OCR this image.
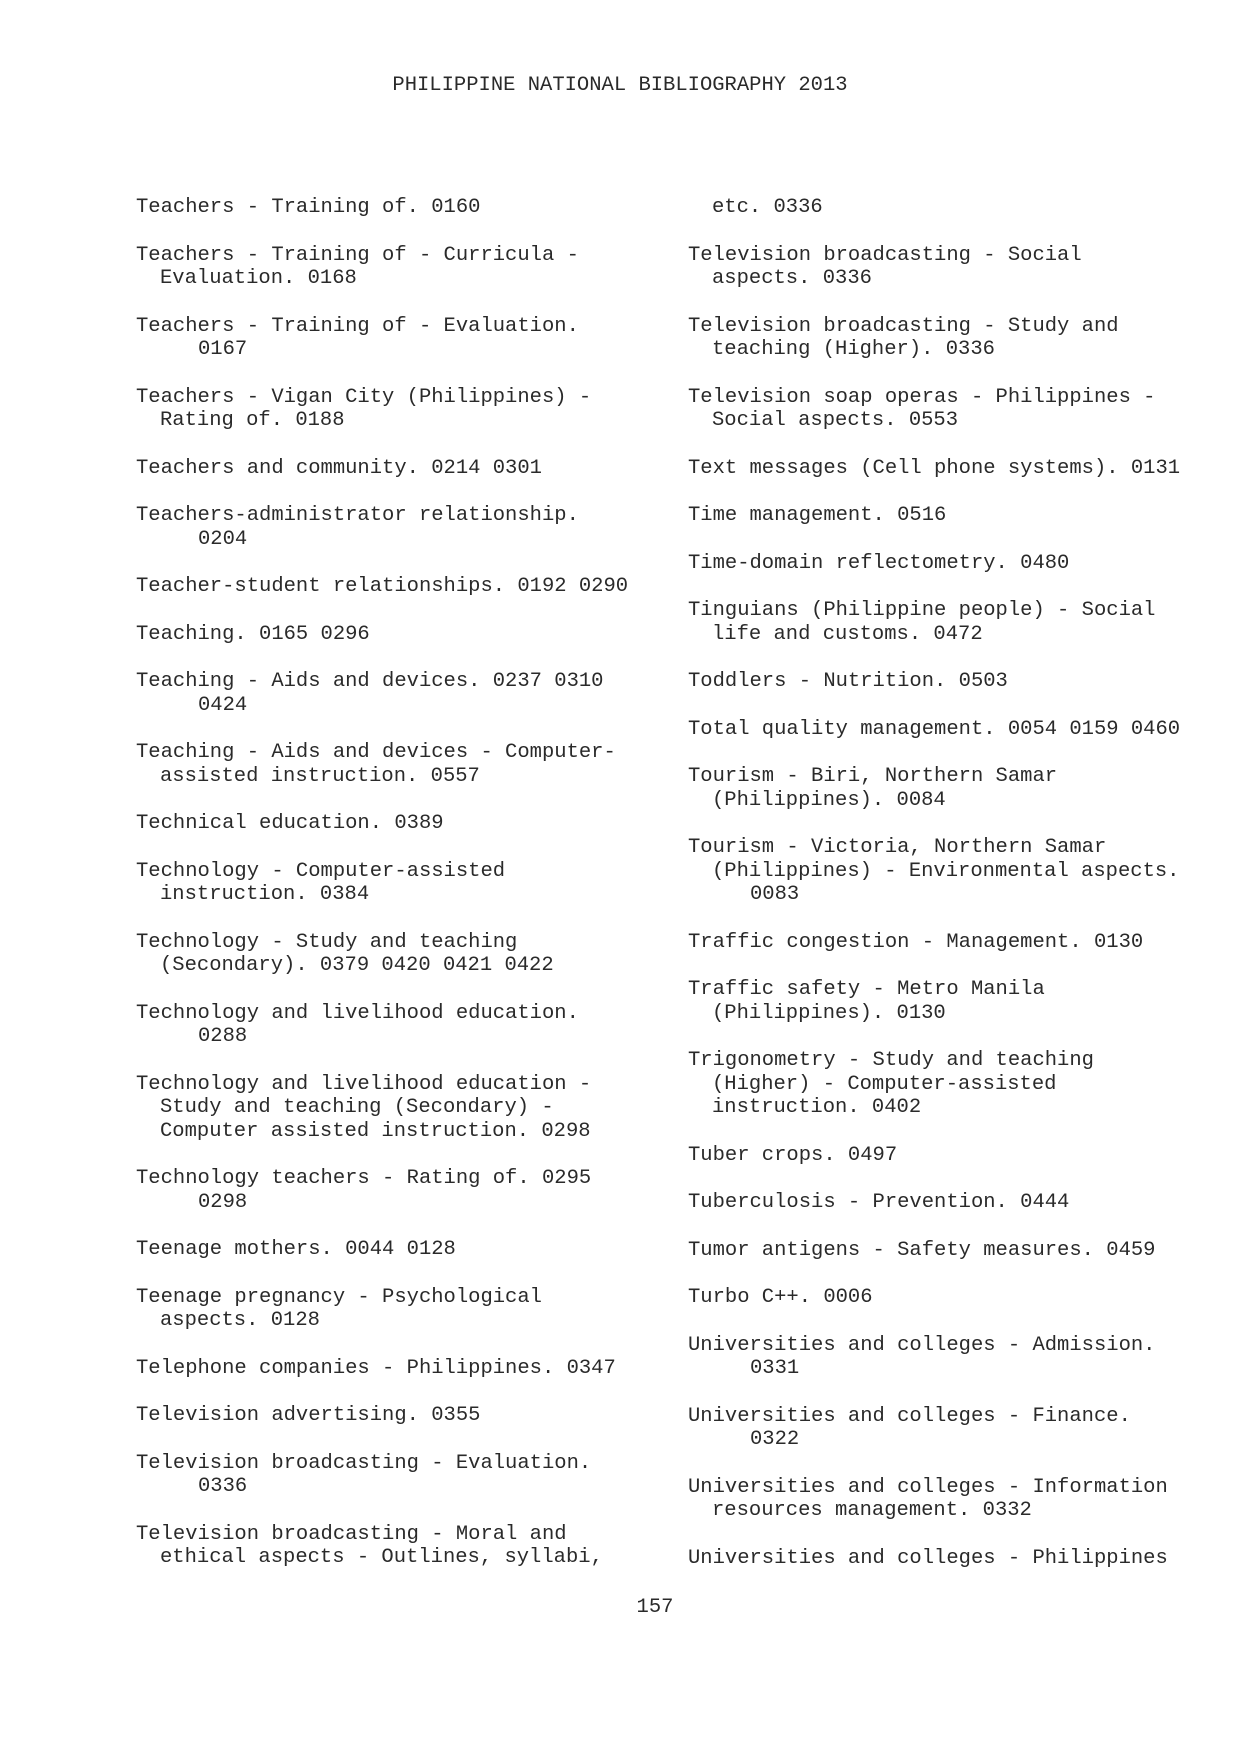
PHILIPPINE NATIONAL BIBLIOGRAPHY 2013
Teachers - Training of. 0160
Teachers - Training of - Curricula -
Evaluation. 0168
Teachers - Training of - Evaluation.
0167
Teachers - Vigan City (Philippines) -
Rating of. 0188
Teachers and community. 0214 0301
Teachers-administrator relationship.
0204
Teacher-student relationships. 0192 0290
Teaching. 0165 0296
Teaching - Aids and devices. 0237 0310
0424
Teaching - Aids and devices - Computer-
assisted instruction. 0557
Technical education. 0389
Technology - Computer-assisted
instruction. 0384
Technology - Study and teaching
(Secondary). 0379 0420 0421 0422
Technology and livelihood education.
0288
Technology and livelihood education -
Study and teaching (Secondary) -
Computer assisted instruction. 0298
Technology teachers - Rating of. 0295
0298
Teenage mothers. 0044 0128
Teenage pregnancy - Psychological
aspects. 0128
Telephone companies - Philippines. 0347
Television advertising. 0355
Television broadcasting - Evaluation.
0336
Television broadcasting - Moral and
ethical aspects - Outlines, syllabi,
etc. 0336
Television broadcasting - Social
aspects. 0336
Television broadcasting - Study and
teaching (Higher). 0336
Television soap operas - Philippines -
Social aspects. 0553
Text messages (Cell phone systems). 0131
Time management. 0516
Time-domain reflectometry. 0480
Tinguians (Philippine people) - Social
life and customs. 0472
Toddlers - Nutrition. 0503
Total quality management. 0054 0159 0460
Tourism - Biri, Northern Samar
(Philippines). 0084
Tourism - Victoria, Northern Samar
(Philippines) - Environmental aspects.
0083
Traffic congestion - Management. 0130
Traffic safety - Metro Manila
(Philippines). 0130
Trigonometry - Study and teaching
(Higher) - Computer-assisted
instruction. 0402
Tuber crops. 0497
Tuberculosis - Prevention. 0444
Tumor antigens - Safety measures. 0459
Turbo C++. 0006
Universities and colleges - Admission.
0331
Universities and colleges - Finance.
0322
Universities and colleges - Information
resources management. 0332
Universities and colleges - Philippines
157
